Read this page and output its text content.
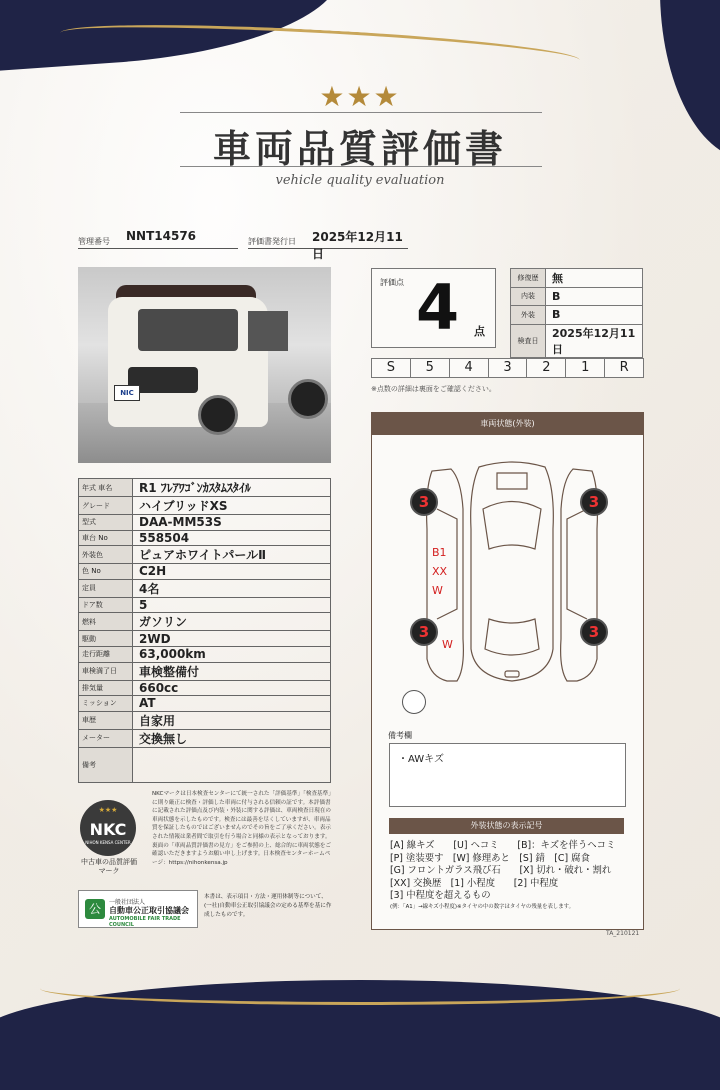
★★★
車両品質評価書
vehicle quality evaluation
管理番号 NNT14576	評価書発行日 2025年12月11日
NIC
年式 車名	R1 ﾌﾚｱﾜｺﾞﾝｶｽﾀﾑｽﾀｲﾙ
グレード	ハイブリッドXS
型式	DAA-MM53S
車台 No	558504
外装色	ピュアホワイトパールⅡ
色 No	C2H
定員	4名
ドア数	5
燃料	ガソリン
駆動	2WD
走行距離	63,000km
車検満了日	車検整備付
排気量	660cc
ミッション	AT
車歴	自家用
メーター	交換無し
備考	
★★★
NKC
NIHON KENSA CENTER
中古車の品質評価マーク
NKCマークは日本検査センターにて統一された「評価基準」「検査基準」に則り厳正に検査・評価した車両に付与される信頼の証です。本評価書に記載された評価点及び内装・外装に関する評価は、車両検査日現在の車両状態を示したものです。検査には最善を尽くしていますが、車両品質を保証したものではございませんのでその旨をご了承ください。表示された情報は業者間で取引を行う場合と同様の表示となっております。裏面の「車両品質評価書の見方」をご参照の上、総合的に車両状態をご確認いただきますようお願い申し上げます。日本検査センターホームページ：https://nihonkensa.jp
公	一般社団法人
自動車公正取引協議会
AUTOMOBILE FAIR TRADE COUNCIL
本書は、表示項目・方法・運用体制等について、(一社)自動車公正取引協議会の定める基準を基に作成したものです。
評価点 4 点
修復歴	無
内装	B
外装	B
検査日	2025年12月11日
S	5	4	3	2	1	R
※点数の詳細は裏面をご確認ください。
車両状態(外装)
3	3
3	3
B1
XX
W
W
備考欄
・AWキズ
外装状態の表示記号
[A] 線キズ　　[U] ヘコミ　　[B]：キズを伴うヘコミ
[P] 塗装要す　[W] 修理あと　[S] 錆　[C] 腐食
[G] フロントガラス飛び石　　[X] 切れ・破れ・割れ
[XX] 交換歴　[1] 小程度　　[2] 中程度
[3] 中程度を超えるもの
(例：「A1」→線キズ小程度)※タイヤの中の数字はタイヤの残量を表します。
TA_210121
